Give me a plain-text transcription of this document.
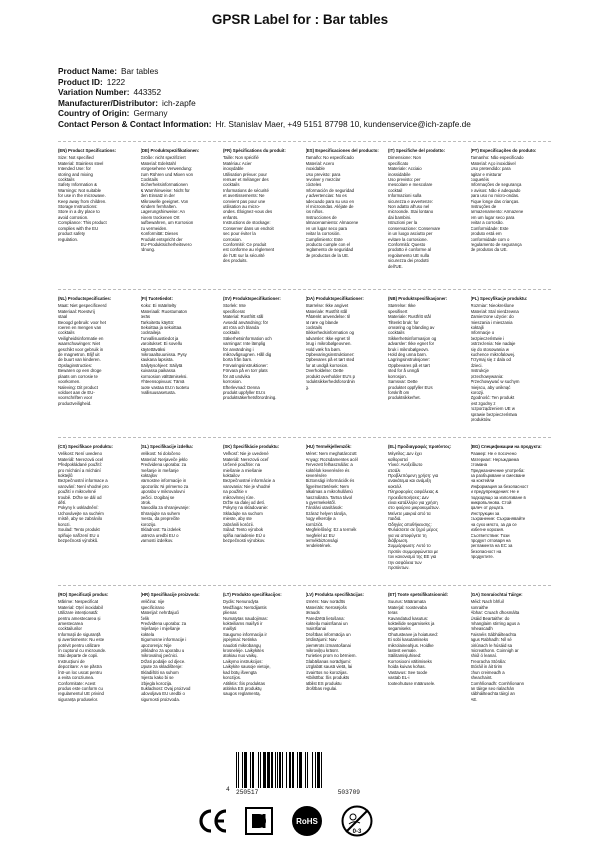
GPSR Label for : Bar tables
Product Name: Bar tables
Product ID: 1222
Variation Number: 443352
Manufacturer/Distributor: ich-zapfe
Country of Origin: Germany
Contact Person & Contact Information: Hr. Stanislav Maer, +49 5151 87798 10, kundenservice@ich-zapfe.de
(EN) Product Specifications:
Size: Not specified
Material: Stainless steel
Intended Use: for
storing and mixing
cocktails
Safety Information &
Warnings: Not suitable
for use in the microwave.
Keep away from children.
Storage Instructions:
Store in a dry place to
avoid corrosion.
Compliance: This product
complies with the EU
product safety
regulation.
(DE) Produktspezifikationen:
Größe: nicht spezifiziert
Material: Edelstahl
Vorgesehene Verwendung:
zum Rühren und Mixen von
Cocktails
Sicherheitsinformationen
& Warnhinweise: Nicht für
den Einsatz in der
Mikrowelle geeignet. Von
Kindern fernhalten.
Lagerungshinweise: An
einem trockenen Ort
aufbewahren, um Korrosion
zu vermeiden.
Konformität: Dieses
Produkt entspricht der
EU-Produktsicherheitsvero
rdnung.
(FR) Spécifications du produit:
Taille: Non spécifié
Matériau: Acier
inoxydable
Utilisation prévue: pour
remuer et mélanger des
cocktails
Informations de sécurité
et avertissements: Ne
convient pas pour une
utilisation au micro-
ondes. Éloignez-vous des
enfants.
Instructions de stockage:
Conserver dans un endroit
sec pour éviter la
corrosion.
Conformité: Ce produit
est conforme au règlement
de l'UE sur la sécurité
des produits.
(ES) Especificaciones del producto:
Tamaño: No especificado
Material: Acero
inoxidable
Uso previsto: para
revolver y mezclar
cócteles
Información de seguridad
y advertencias: No es
adecuado para su uso en
el microondas. Aléjate de
los niños.
Instrucciones de
almacenamiento: Almacene
en un lugar seco para
evitar la corrosión.
Cumplimiento: Este
producto cumple con el
reglamento de seguridad
de productos de la UE.
(IT) Specifiche del prodotto:
Dimensione: Non
specificato
Materiale: Acciaio
inossidabile
Uso previsto: per
mescolare e mescolare
cocktail
Informazioni sulla
sicurezza e avvertenze:
Non adatto all'uso nel
microonde. Stai lontano
dai bambini.
Istruzioni per la
conservazione: Conservare
in un luogo asciutto per
evitare la corrosione.
Conformità: Questo
prodotto è conforme al
regolamento UE sulla
sicurezza dei prodotti
dell'UE.
(PT) Especificações do produto:
Tamanho: Não especificado
Material: Aço inoxidável
Uso pretendido: para
agitar e misturar
coquetéis
Informações de segurança
e avisos: Não é adequado
para uso no micro-ondas.
Fique longe das crianças.
Instruções de
armazenamento: Armazene
em um lugar seco para
evitar a corrosão.
Conformidade: Este
produto está em
conformidade com o
regulamento de segurança
de produtos da UE.
(NL) Productspecificaties:
Maat: Niet gespecificeerd
Materiaal: Roestvrij
staal
Beoogd gebruik: voor het
roeren en mengen van
cocktails
Veiligheidsinformatie en
waarschuwingen: Niet
geschikt voor gebruik in
de magnetron. Blijf uit
de buurt van kinderen.
Opslaginstructies:
Bewaren op een droge
plaats om corrosie te
voorkomen.
Naleving: Dit product
voldoet aan de EU-
voorschriften voor
productveiligheid.
(FI) Tuotetiedot:
Koko: Ei määritelty
Materiaali: Ruostumaton
teräs
Tarkoitettu käyttö:
Sekoittaa ja sekoittaa
cocktaileja
Turvallisuustiedot ja
varoitukset: Ei sovellu
käytettäväksi
mikroaaltouunissa. Pysy
kaukana lapsista.
Säilytysohjeet: Säilytä
kuivassa paikassa
korroosion välttämiseksi.
Yhteensopivuus: Tämä
tuote vastaa EU:n tuotetu
rvallisuusasetusta.
(SV) Produktspecifikationer:
Storlek: Inte
specificerat
Material: Rostfritt stål
Avsedd användning: för
att röra och blanda
cocktails
Säkerhetsinformation och
varningar: Inte lämplig
för användning i
mikrovågsugnen. Håll dig
borta från barn.
Förvaringsinstruktioner:
Förvara på en torr plats
för att undvika
korrosion.
Efterlevnad: Denna
produkt uppfyller EU:s
produktsäkerhetsförordning.
(DA) Produktspecifikationer:
Størrelse: Ikke angivet
Materiale: Rustfrit stål
Påtænkt anvendelse: til
at røre og blande
cocktails
Sikkerhedsinformation og
advarsler: Ikke egnet til
brug i mikrobølgeovnen.
Hold væk fra børn.
Opbevaringsinstruktioner:
Opbevares på et tørt sted
for at undgå korrosion.
Overholdelse: Dette
produkt overholder EU's p
roduktsikkerhedsforordnin
g.
(NB) Produktspesifikasjoner:
Størrelse: Ikke
spesifisert
Materiale: Rustfritt stål
Tiltenkt bruk: for
omrøring og blanding av
cocktails
Sikkerhetsinformasjon og
advarsler: Ikke egnet for
bruk i mikrobølgeovn.
Hold deg unna barn.
Lagringsinstruksjoner:
Oppbevares på et tørt
sted for å unngå
korrosjon.
Samsvar: Dette
produktet oppfyller EUs
forskrift om
produktsikkerhet.
(PL) Specyfikacje produktu:
Rozmiar: Nieokreślone
Materiał: Stal nierdzewna
Zamierzone użycie: do
mieszania i mieszania
koktajli
Informacje o
bezpieczeństwie i
ostrzeżenia: Nie nadaje
się do stosowania w
kuchence mikrofalowej.
Trzymaj się z dala od
dzieci.
Instrukcje
przechowywania:
Przechowywać w suchym
miejscu, aby uniknąć
korozji.
Zgodność: Ten produkt
jest zgodny z
rozporządzeniem UE w
sprawie bezpieczeństwa
produktów.
(CS) Specifikace produktu:
Velikost: Není uvedeno
Materiál: Nerezová ocel
Předpokládané použití:
pro míchání a míchání
koktejlů
Bezpečnostní informace a
varování: Není vhodné pro
použití v mikrovlnné
troubě. Držte se dál od
dětí.
Pokyny k uskladnění:
Uchovávejte na suchém
místě, aby se zabránilo
korozi.
Soulad: Tento produkt
splňuje nařízení EU o
bezpečnosti výrobků.
(SL) Specifikacije izdelka:
Velikost: Ni določeno
Material: Nerjaveče jeklo
Predvidena uporaba: za
mešanje in mešanje
koktajlov
Varnostne informacije in
opozorila: Ni primerno za
uporabo v mikrovalovni
pečici. Izogibaj se
otrok.
Navodila za shranjevanje:
Shranjujte na suhem
mestu, da preprečite
korozijo.
Skladnost: Ta izdelek
ustreza uredbi EU o
varnosti izdelkov.
(SK) Špecifikácie produktu:
Veľkosť: Nie je uvedené
Materiál: Nerezová oceľ
Určené použitie: na
miešanie a miešanie
koktailov
Bezpečnostné informácie a
varovania: Nie je vhodné
na použitie v
mikrovlnnej rúre.
Držte sa ďalej od detí.
Pokyny na skladovanie:
Skladujte na suchom
mieste, aby ste
zabránili korózii.
Súlad: Tento výrobok
spĺňa nariadenie EÚ o
bezpečnosti výrobkov.
(HU) Termékjellemzők:
Méret: Nem meghatározott
Anyag: Rozsdamentes acél
Tervezett felhasználás: a
koktélok keverésére és
keverésére
Biztonsági információk és
figyelmeztetések: Nem
alkalmas a mikrohullámú
használatra. Tartsa távol
a gyermekektől.
Tárolási utasítások:
Száraz helyen tárolja,
hogy elkerülje a
korróziót.
Megfelelőség: Ez a termék
megfelel az EU
termékbiztonsági
rendeletének.
(EL) Προδιαγραφές προϊόντος:
Μέγεθος: Δεν έχει
καθοριστεί
Υλικό: Ανοξείδωτο
ατσάλι
Προβλεπόμενη χρήση: για
ανακάτεμα και ανάμιξη
κοκτέιλ
Πληροφορίες ασφάλειας &
προειδοποιήσεις: Δεν
είναι κατάλληλο για χρήση
στο φούρνο μικροκυμάτων.
Μείνετε μακριά από τα
παιδιά.
Οδηγίες αποθήκευσης:
Φυλάσσετε σε ξηρό μέρος
για να αποφύγετε τη
διάβρωση.
Συμμόρφωση: Αυτό το
προϊόν συμμορφώνεται με
τον κανονισμό της ΕΕ για
την ασφάλεια των
προϊόντων.
(BG) Спецификации на продукта:
Размер: Не е посочено
Материал: Неръждаема
стомана
Предназначение употреба:
за разбъркване и смесване
на коктейли
Информация за безопасност
и предупреждения: Не е
подходящо за използване в
микровълнова. Стой
далеч от децата.
Инструкции за
съхранение: Съхранявайте
на сухо място, за да се
избегне корозия.
Съответствие: Този
продукт отговаря на
регламента на ЕС за
безопасност на
продуктите.
(RO) Specificații produs:
Mărime: Nespecificat
Material: Oțel inoxidabil
Utilizare intenționată:
pentru amestecarea și
amestecarea
cocktailurilor
Informații de siguranță
și avertismente: Nu este
potrivit pentru utilizare
în cuptorul cu microunde.
Stai departe de copii.
Instrucțiuni de
depozitare: A se păstra
într-un loc uscat pentru
a evita coroziunea.
Conformitate: Acest
produs este conform cu
regulamentul UE privind
siguranța produselor.
(HR) Specifikacije proizvoda:
Veličina: nije
specificirano
Materijal: nehrđajući
čelik
Predviđena uporaba: za
miješanje i miješanje
koktela
Sigurnosne informacije i
upozorenja: Nije
prikladno za uporabu u
mikrovalnoj pećnici.
Držati podalje od djece.
Upute za skladištenje:
Skladištiti na suhom
mjestu kako bi se
izbjegla korozija.
Sukladnost: Ovaj proizvod
udovoljava EU uredbi o
sigurnosti proizvoda.
(LT) Produkto specifikacijos:
Dydis: Nenurodyta
Medžiaga: Nerūdijantis
plienas
Numatytas naudojimas:
kokteiliams maišyti ir
maišyti
Saugumo informacija ir
įspėjimai: Netinka
naudoti mikrobangų
krosnelėje. Laikykitės
atokiau nuo vaikų.
Laikymo instrukcijos:
Laikykite sausoje vietoje,
kad būtų išvengta
korozijos.
Atitiktis: Šis produktas
atitinka ES produktų
saugos reglamentą.
(LV) Produkta specifikācijas:
Izmērs: Nav norādīts
Materiāls: Nerūsējošs
tērauds
Paredzētā lietošana:
kokteiļu maisīšanai un
maisīšanai
Drošības informācija un
brīdinājumi: Nav
piemērots izmantošanai
mikroviļņu krāsnī.
Turieties prom no bērniem.
Glabāšanas norādījumi:
Uzglabāt sausā vietā, lai
izvairītos no korozijas.
Atbilstība: Šis produkts
atbilst ES produktu
drošības regulai.
(ET) Toote spetsifikatsioonid:
Suurus: Määramata
Materjal: roostevaba
teras
Kavandatud kasutus:
kokteilide segamiseks ja
segamiseks
Ohutusteave ja hoiatused:
Ei sobi kasutamiseks
mikrolaineahjus. Hoidke
lastest eemale.
Säilitamisjuhised:
Korrosiooni vältimiseks
hoida kuivas kohas.
Vastavus: See toode
vastab EL-i
tooteohutuse määrusele.
(GA) Sonraíochtaí Táirge:
Méid: Nach bhfuil
sonraithe
Ábhar: Cruach dhosmálta
Úsáid Beartaithe: do
mhanglaim stirring agus a
mheascadh
Faisnéis Sábháilteachta
agus Rabhadh: Níl sé
oiriúnach le húsáid sa
micreathonn. Coinnigh ar
shiúl ó leanaí.
Treoracha Stórála:
Stóráil in áit tirim
chun creimeadh a
sheachaint.
Comhlíonadh: Comhlíonann
an táirge seo rialachán
sábháilteachta táirgí an
AE.
4 250517	503709
RoHS
0-3
